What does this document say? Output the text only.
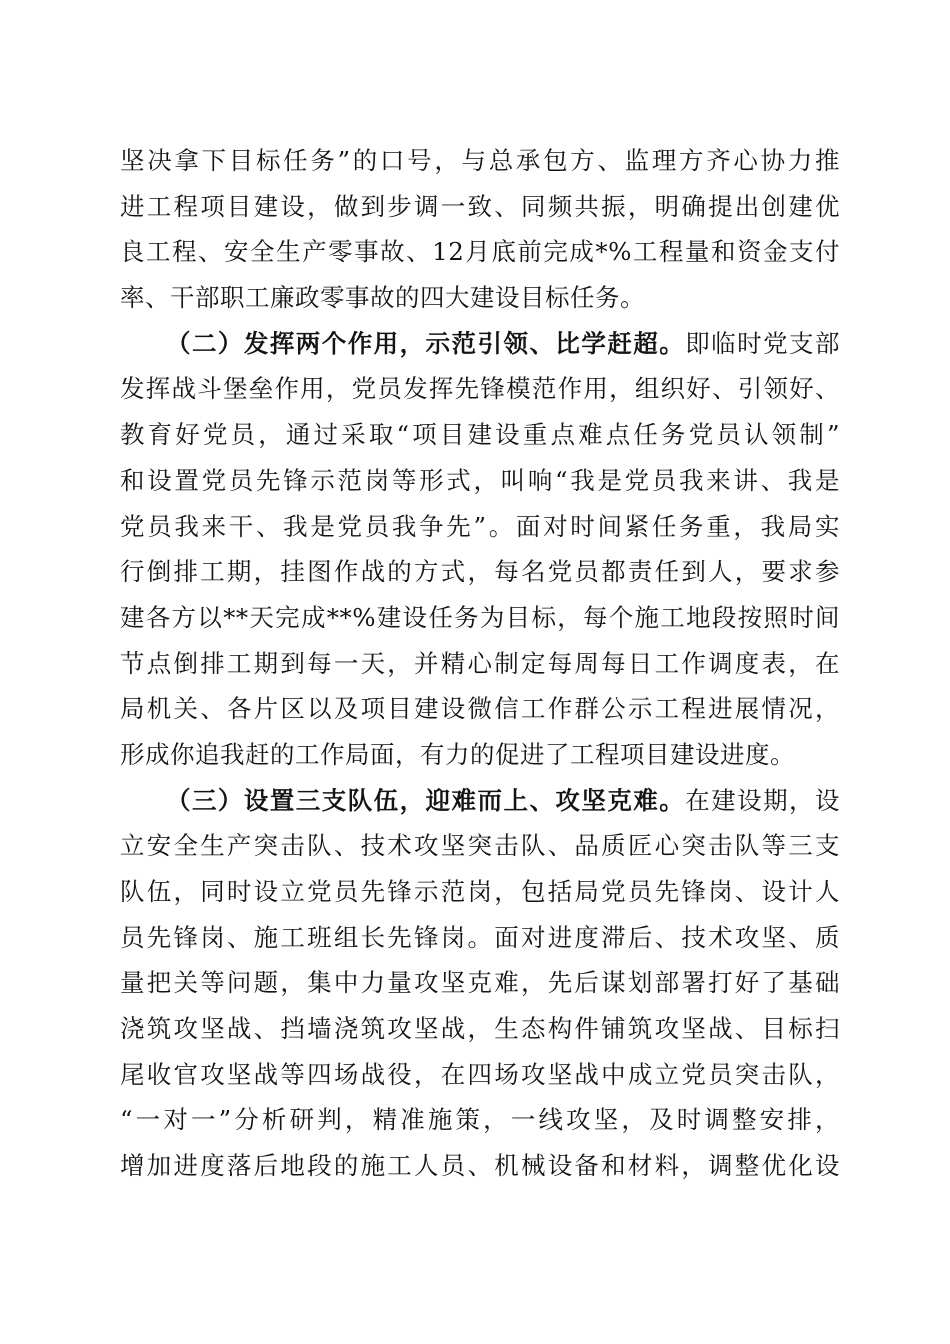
坚决拿下目标任务”的口号，与总承包方、监理方齐心协力推
进工程项目建设，做到步调一致、同频共振，明确提出创建优
良工程、安全生产零事故、12月底前完成*%工程量和资金支付
率、干部职工廉政零事故的四大建设目标任务。
（二）发挥两个作用，示范引领、比学赶超。即临时党支部
发挥战斗堡垒作用，党员发挥先锋模范作用，组织好、引领好、
教育好党员，通过采取“项目建设重点难点任务党员认领制”
和设置党员先锋示范岗等形式，叫响“我是党员我来讲、我是
党员我来干、我是党员我争先”。面对时间紧任务重，我局实
行倒排工期，挂图作战的方式，每名党员都责任到人，要求参
建各方以**天完成**%建设任务为目标，每个施工地段按照时间
节点倒排工期到每一天，并精心制定每周每日工作调度表，在
局机关、各片区以及项目建设微信工作群公示工程进展情况，
形成你追我赶的工作局面，有力的促进了工程项目建设进度。
（三）设置三支队伍，迎难而上、攻坚克难。在建设期，设
立安全生产突击队、技术攻坚突击队、品质匠心突击队等三支
队伍，同时设立党员先锋示范岗，包括局党员先锋岗、设计人
员先锋岗、施工班组长先锋岗。面对进度滞后、技术攻坚、质
量把关等问题，集中力量攻坚克难，先后谋划部署打好了基础
浇筑攻坚战、挡墙浇筑攻坚战，生态构件铺筑攻坚战、目标扫
尾收官攻坚战等四场战役，在四场攻坚战中成立党员突击队，
“一对一”分析研判，精准施策，一线攻坚，及时调整安排，
增加进度落后地段的施工人员、机械设备和材料，调整优化设
